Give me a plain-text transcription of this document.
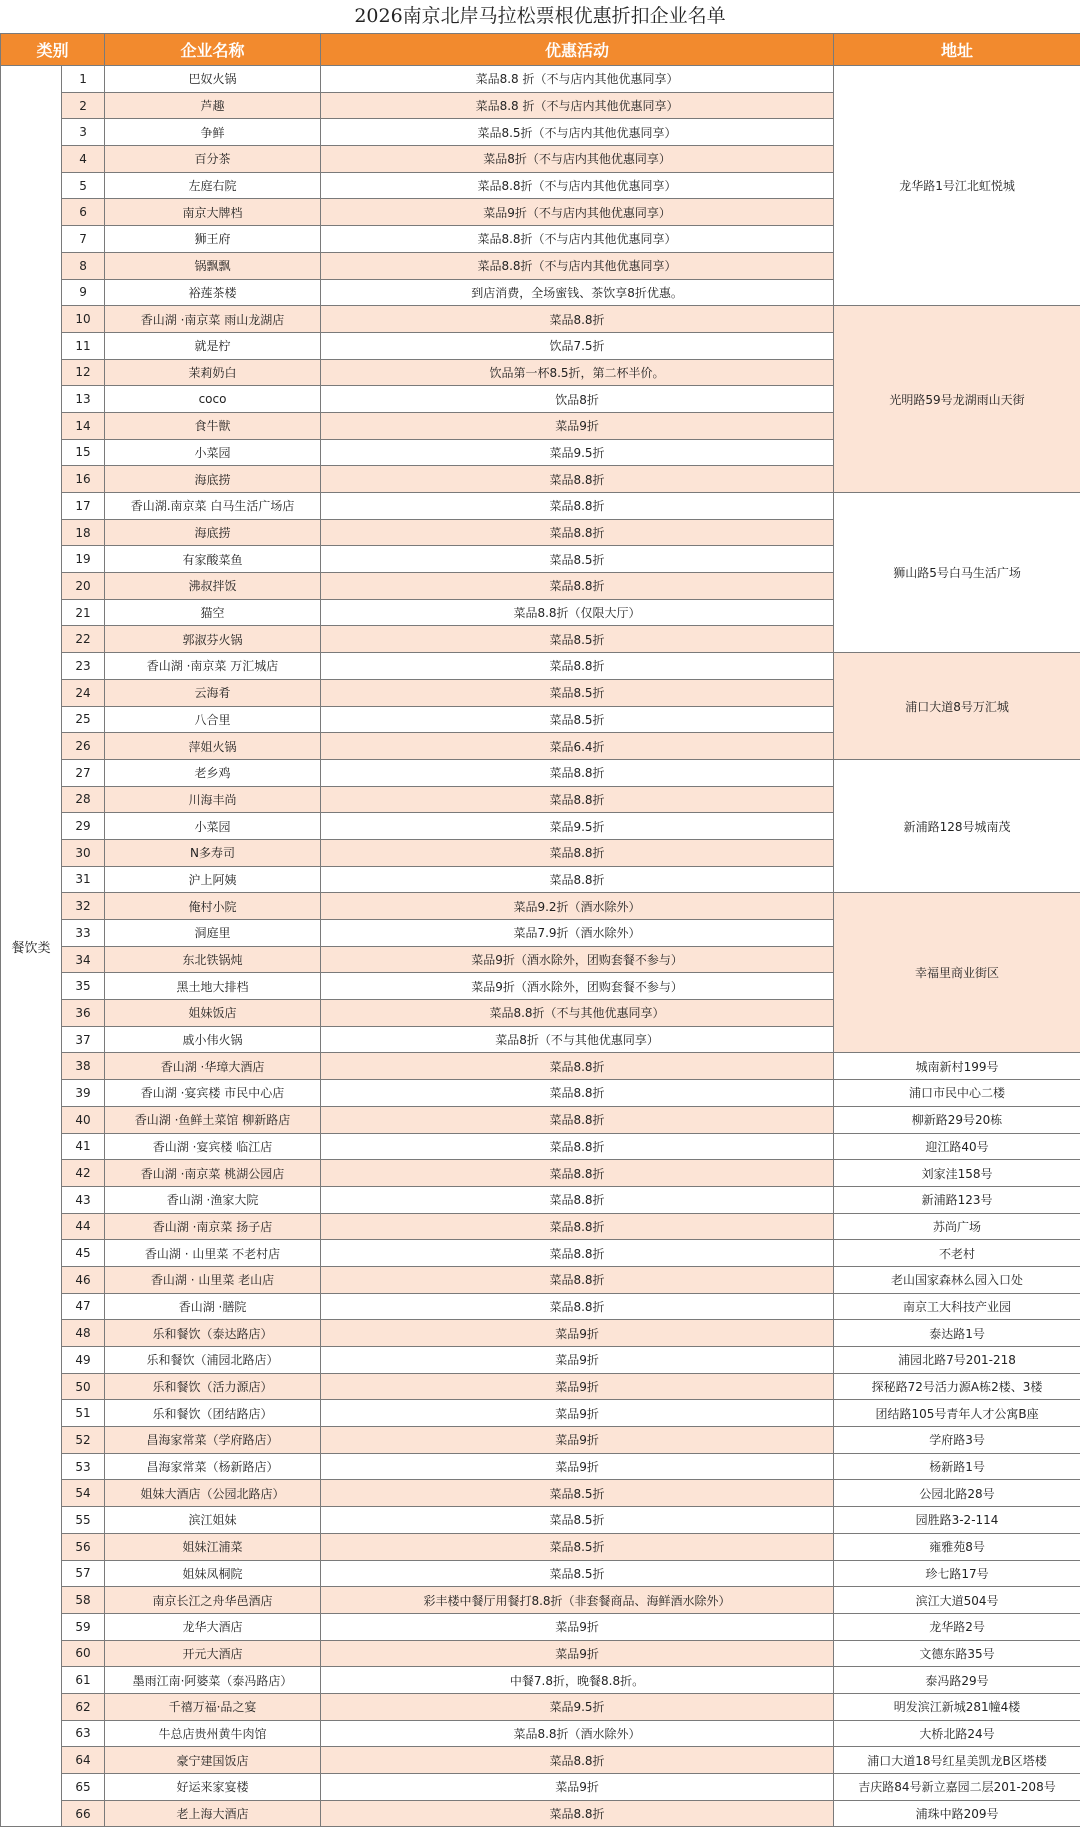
2026南京北岸马拉松票根优惠折扣企业名单
类别		企业名称	优惠活动	地址
餐饮类	1	巴奴火锅	菜品8.8 折（不与店内其他优惠同享）	龙华路1号江北虹悦城
	2	芦趣	菜品8.8 折（不与店内其他优惠同享）	
	3	争鲜	菜品8.5折（不与店内其他优惠同享）	
	4	百分茶	菜品8折（不与店内其他优惠同享）	
	5	左庭右院	菜品8.8折（不与店内其他优惠同享）	
	6	南京大牌档	菜品9折（不与店内其他优惠同享）	
	7	狮王府	菜品8.8折（不与店内其他优惠同享）	
	8	锅飘飘	菜品8.8折（不与店内其他优惠同享）	
	9	裕莲茶楼	到店消费，全场蜜钱、茶饮享8折优惠。	
	10	香山湖 ·南京菜 雨山龙湖店	菜品8.8折	光明路59号龙湖雨山天街
	11	就是柠	饮品7.5折	
	12	茉莉奶白	饮品第一杯8.5折，第二杯半价。	
	13	coco	饮品8折	
	14	食牛獣	菜品9折	
	15	小菜园	菜品9.5折	
	16	海底捞	菜品8.8折	
	17	香山湖.南京菜 白马生活广场店	菜品8.8折	狮山路5号白马生活广场
	18	海底捞	菜品8.8折	
	19	有家酸菜鱼	菜品8.5折	
	20	沸叔拌饭	菜品8.8折	
	21	猫空	菜品8.8折（仅限大厅）	
	22	郭淑芬火锅	菜品8.5折	
	23	香山湖 ·南京菜 万汇城店	菜品8.8折	浦口大道8号万汇城
	24	云海肴	菜品8.5折	
	25	八合里	菜品8.5折	
	26	萍姐火锅	菜品6.4折	
	27	老乡鸡	菜品8.8折	新浦路128号城南茂
	28	川海丰尚	菜品8.8折	
	29	小菜园	菜品9.5折	
	30	N多寿司	菜品8.8折	
	31	沪上阿姨	菜品8.8折	
	32	俺村小院	菜品9.2折（酒水除外）	幸福里商业街区
	33	洞庭里	菜品7.9折（酒水除外）	
	34	东北铁锅炖	菜品9折（酒水除外，团购套餐不参与）	
	35	黑土地大排档	菜品9折（酒水除外，团购套餐不参与）	
	36	姐妹饭店	菜品8.8折（不与其他优惠同享）	
	37	戚小伟火锅	菜品8折（不与其他优惠同享）	
	38	香山湖 ·华璋大酒店	菜品8.8折	城南新村199号
	39	香山湖 ·宴宾楼 市民中心店	菜品8.8折	浦口市民中心二楼
	40	香山湖 ·鱼鲜土菜馆 柳新路店	菜品8.8折	柳新路29号20栋
	41	香山湖 ·宴宾楼 临江店	菜品8.8折	迎江路40号
	42	香山湖 ·南京菜 桃湖公园店	菜品8.8折	刘家洼158号
	43	香山湖 ·渔家大院	菜品8.8折	新浦路123号
	44	香山湖 ·南京菜 扬子店	菜品8.8折	苏尚广场
	45	香山湖 · 山里菜 不老村店	菜品8.8折	不老村
	46	香山湖 · 山里菜 老山店	菜品8.8折	老山国家森林么园入口处
	47	香山湖 ·膳院	菜品8.8折	南京工大科技产业园
	48	乐和餐饮（泰达路店）	菜品9折	泰达路1号
	49	乐和餐饮（浦园北路店）	菜品9折	浦园北路7号201-218
	50	乐和餐饮（活力源店）	菜品9折	探秘路72号活力源A栋2楼、3楼
	51	乐和餐饮（团结路店）	菜品9折	团结路105号青年人才公寓B座
	52	昌海家常菜（学府路店）	菜品9折	学府路3号
	53	昌海家常菜（杨新路店）	菜品9折	杨新路1号
	54	姐妹大酒店（公园北路店）	菜品8.5折	公园北路28号
	55	滨江姐妹	菜品8.5折	园胜路3-2-114
	56	姐妹江浦菜	菜品8.5折	雍雅苑8号
	57	姐妹凤桐院	菜品8.5折	珍七路17号
	58	南京长江之舟华邑酒店	彩丰楼中餐厅用餐打8.8折（非套餐商品、海鲜酒水除外）	滨江大道504号
	59	龙华大酒店	菜品9折	龙华路2号
	60	开元大酒店	菜品9折	文德东路35号
	61	墨雨江南·阿婆菜（泰冯路店）	中餐7.8折，晚餐8.8折。	泰冯路29号
	62	千禧万福·品之宴	菜品9.5折	明发滨江新城281幢4楼
	63	牛总店贵州黄牛肉馆	菜品8.8折（酒水除外）	大桥北路24号
	64	豪宁建国饭店	菜品8.8折	浦口大道18号红星美凯龙B区塔楼
	65	好运来家宴楼	菜品9折	吉庆路84号新立嘉园二层201-208号
	66	老上海大酒店	菜品8.8折	浦珠中路209号
